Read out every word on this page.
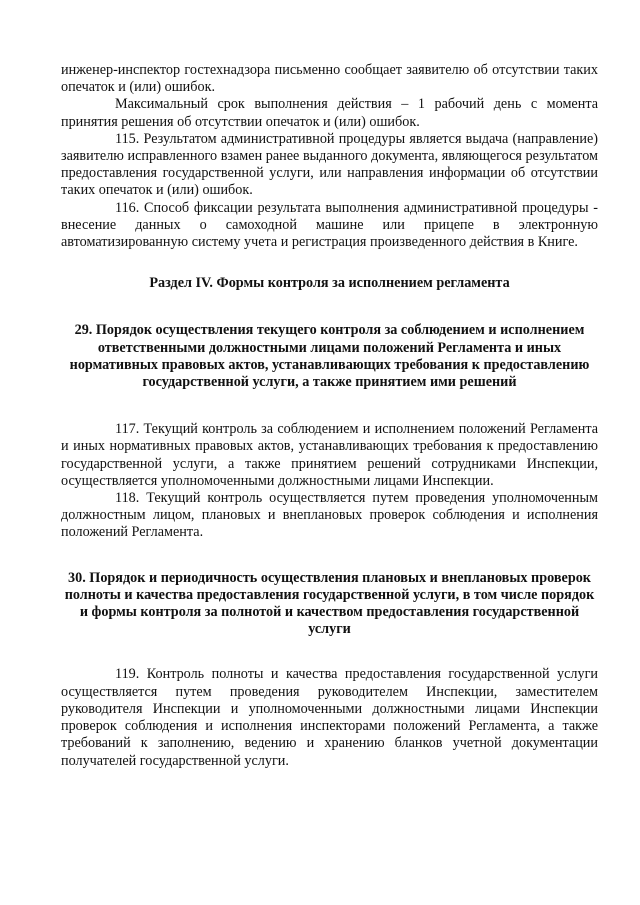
инженер-инспектор гостехнадзора письменно сообщает заявителю об отсутствии таких опечаток и (или) ошибок.

Максимальный срок выполнения действия – 1 рабочий день с момента принятия решения об отсутствии опечаток и (или) ошибок.

115. Результатом административной процедуры является выдача (направление) заявителю исправленного взамен ранее выданного документа, являющегося результатом предоставления государственной услуги, или направления информации об отсутствии таких опечаток и (или) ошибок.

116. Способ фиксации результата выполнения административной процедуры - внесение данных о самоходной машине или прицепе в электронную автоматизированную систему учета и регистрация произведенного действия в Книге.

Раздел IV. Формы контроля за исполнением регламента

29. Порядок осуществления текущего контроля за соблюдением и исполнением ответственными должностными лицами положений Регламента и иных нормативных правовых актов, устанавливающих требования к предоставлению государственной услуги, а также принятием ими решений

117. Текущий контроль за соблюдением и исполнением положений Регламента и иных нормативных правовых актов, устанавливающих требования к предоставлению государственной услуги, а также принятием решений сотрудниками Инспекции, осуществляется уполномоченными должностными лицами Инспекции.

118. Текущий контроль осуществляется путем проведения уполномоченным должностным лицом, плановых и внеплановых проверок соблюдения и исполнения положений Регламента.

30. Порядок и периодичность осуществления плановых и внеплановых проверок полноты и качества предоставления государственной услуги, в том числе порядок и формы контроля за полнотой и качеством предоставления государственной услуги

119. Контроль полноты и качества предоставления государственной услуги осуществляется путем проведения руководителем Инспекции, заместителем руководителя Инспекции и уполномоченными должностными лицами Инспекции проверок соблюдения и исполнения инспекторами положений Регламента, а также требований к заполнению, ведению и хранению бланков учетной документации получателей государственной услуги.
